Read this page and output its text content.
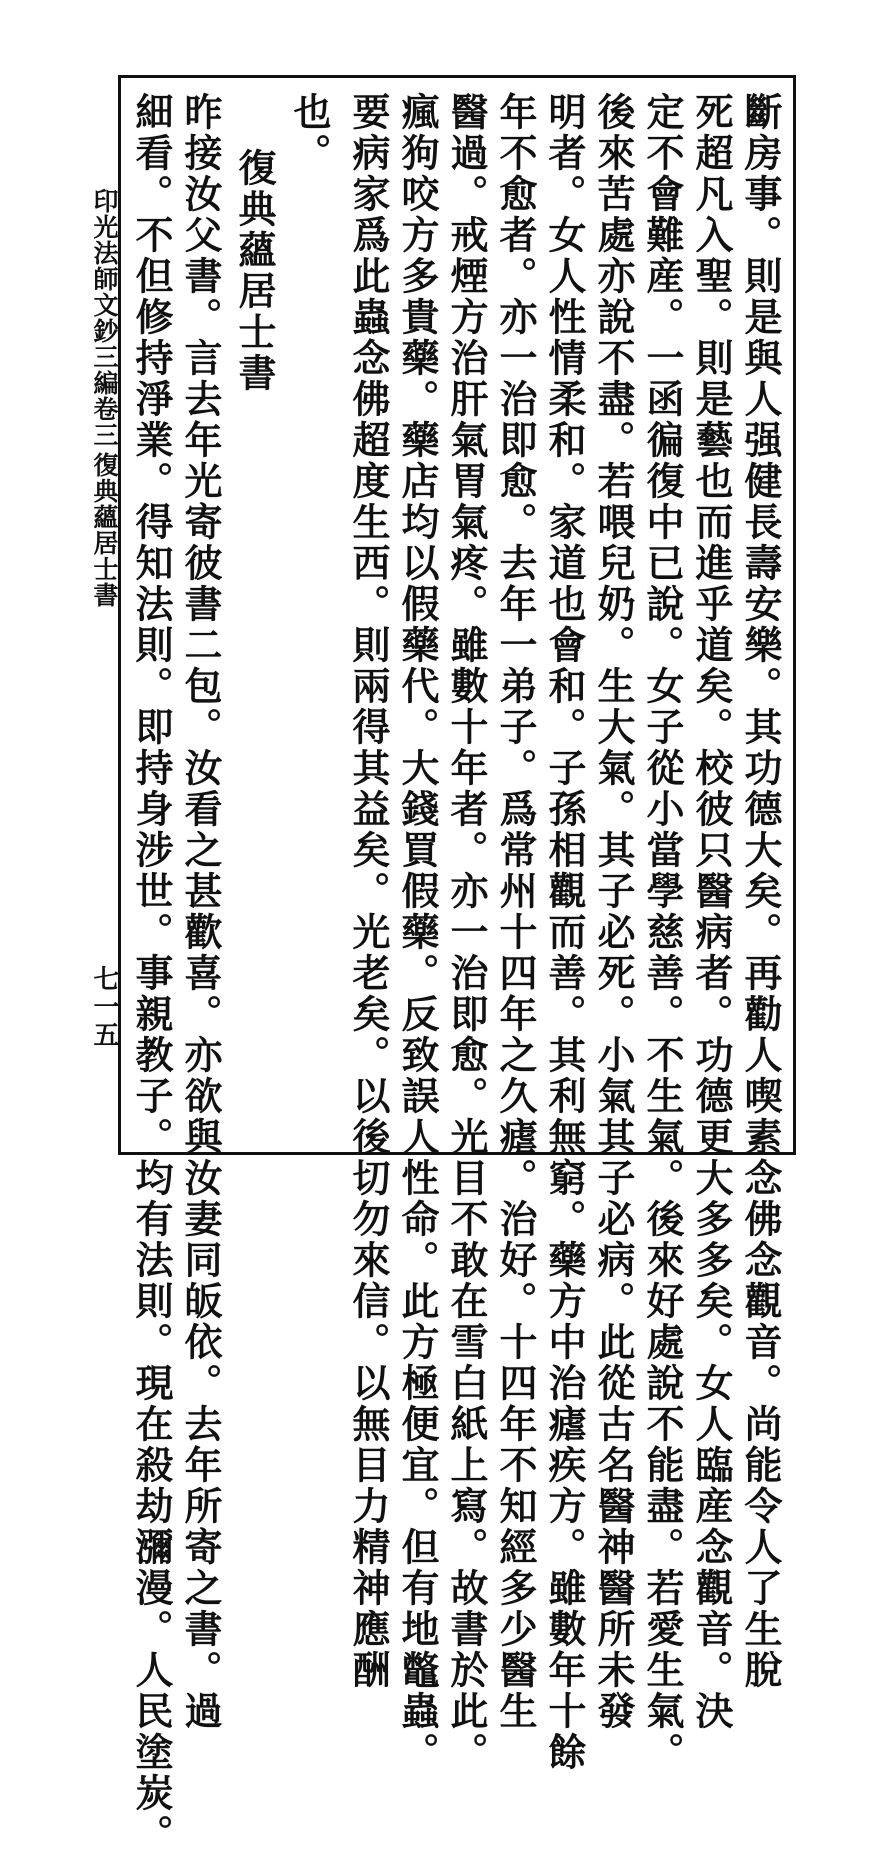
斷房事。則是與人强健長壽安樂。其功德大矣。再勸人喫素念佛念觀音。尚能令人了生脫
死超凡入聖。則是藝也而進乎道矣。校彼只醫病者。功德更大多多矣。女人臨産念觀音。決
定不會難産。一函徧復中已說。女子從小當學慈善。不生氣。後來好處說不能盡。若愛生氣。
後來苦處亦說不盡。若喂兒奶。生大氣。其子必死。小氣其子必病。此從古名醫神醫所未發
明者。女人性情柔和。家道也會和。子孫相觀而善。其利無窮。藥方中治瘧疾方。雖數年十餘
年不愈者。亦一治即愈。去年一弟子。爲常州十四年之久瘧。治好。十四年不知經多少醫生
醫過。戒煙方治肝氣胃氣疼。雖數十年者。亦一治即愈。光目不敢在雪白紙上寫。故書於此。
瘋狗咬方多貴藥。藥店均以假藥代。大錢買假藥。反致誤人性命。此方極便宜。但有地鼈蟲。
要病家爲此蟲念佛超度生西。則兩得其益矣。光老矣。以後切勿來信。以無目力精神應酬
也。
復典蘊居士書
昨接汝父書。言去年光寄彼書二包。汝看之甚歡喜。亦欲與汝妻同皈依。去年所寄之書。過
細看。不但修持淨業。得知法則。即持身涉世。事親教子。均有法則。現在殺劫瀰漫。人民塗炭。
印光法師文鈔三編卷三
復典蘊居士書
七一五
